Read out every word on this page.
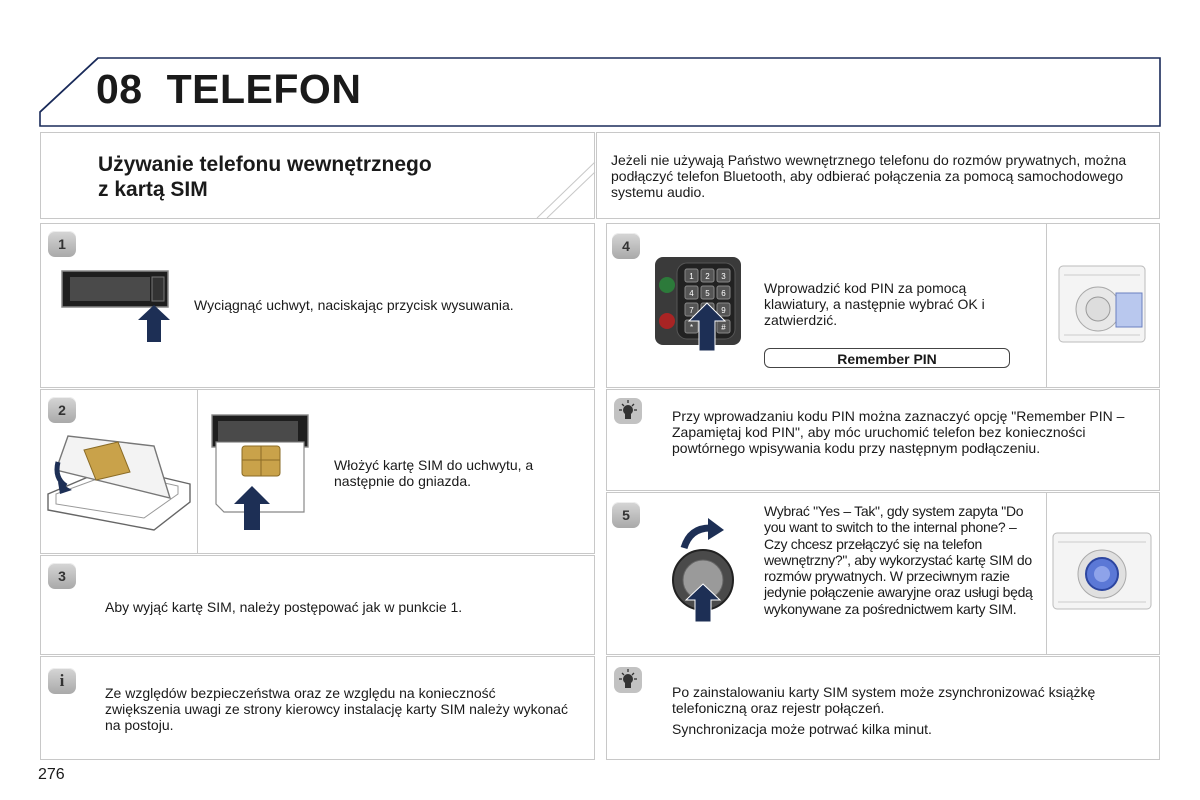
08 TELEFON
Używanie telefonu wewnętrznego
z kartą SIM
Jeżeli nie używają Państwo wewnętrznego telefonu do rozmów prywatnych, można podłączyć telefon Bluetooth, aby odbierać połączenia za pomocą samochodowego systemu audio.
1
Wyciągnąć uchwyt, naciskając przycisk wysuwania.
2
Włożyć kartę SIM do uchwytu, a następnie do gniazda.
3
Aby wyjąć kartę SIM, należy postępować jak w punkcie 1.
i
Ze względów bezpieczeństwa oraz ze względu na konieczność zwiększenia uwagi ze strony kierowcy instalację karty SIM należy wykonać na postoju.
4
1 2 3
4 5 6
7	9
*	#
Wprowadzić kod PIN za pomocą klawiatury, a następnie wybrać OK i zatwierdzić.
Remember PIN
Przy wprowadzaniu kodu PIN można zaznaczyć opcję "Remember PIN – Zapamiętaj kod PIN", aby móc uruchomić telefon bez konieczności powtórnego wpisywania kodu przy następnym podłączeniu.
5	Wybrać "Yes – Tak", gdy system zapyta "Do you want to switch to the internal phone? – Czy chcesz przełączyć się na telefon wewnętrzny?", aby wykorzystać kartę SIM do rozmów prywatnych. W przeciwnym razie jedynie połączenie awaryjne oraz usługi będą wykonywane za pośrednictwem karty SIM.
Po zainstalowaniu karty SIM system może zsynchronizować książkę telefoniczną oraz rejestr połączeń.
Synchronizacja może potrwać kilka minut.
276
